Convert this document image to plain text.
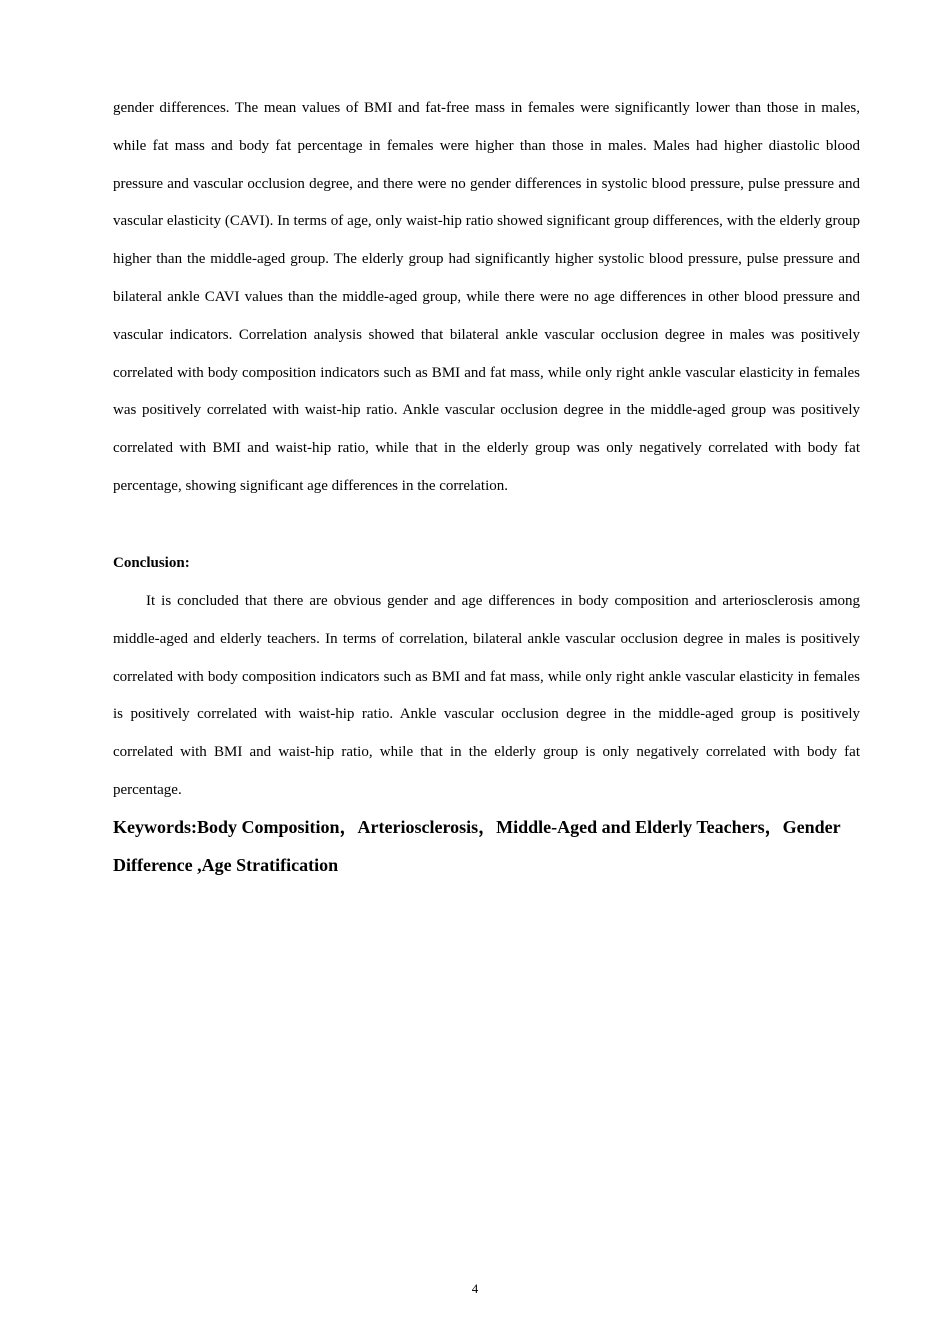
gender differences. The mean values of BMI and fat-free mass in females were significantly lower than those in males, while fat mass and body fat percentage in females were higher than those in males. Males had higher diastolic blood pressure and vascular occlusion degree, and there were no gender differences in systolic blood pressure, pulse pressure and vascular elasticity (CAVI). In terms of age, only waist-hip ratio showed significant group differences, with the elderly group higher than the middle-aged group. The elderly group had significantly higher systolic blood pressure, pulse pressure and bilateral ankle CAVI values than the middle-aged group, while there were no age differences in other blood pressure and vascular indicators. Correlation analysis showed that bilateral ankle vascular occlusion degree in males was positively correlated with body composition indicators such as BMI and fat mass, while only right ankle vascular elasticity in females was positively correlated with waist-hip ratio. Ankle vascular occlusion degree in the middle-aged group was positively correlated with BMI and waist-hip ratio, while that in the elderly group was only negatively correlated with body fat percentage, showing significant age differences in the correlation.

Conclusion:

It is concluded that there are obvious gender and age differences in body composition and arteriosclerosis among middle-aged and elderly teachers. In terms of correlation, bilateral ankle vascular occlusion degree in males is positively correlated with body composition indicators such as BMI and fat mass, while only right ankle vascular elasticity in females is positively correlated with waist-hip ratio. Ankle vascular occlusion degree in the middle-aged group is positively correlated with BMI and waist-hip ratio, while that in the elderly group is only negatively correlated with body fat percentage.

Keywords:Body Composition，Arteriosclerosis，Middle-Aged and Elderly Teachers，Gender Difference ,Age Stratification

4
